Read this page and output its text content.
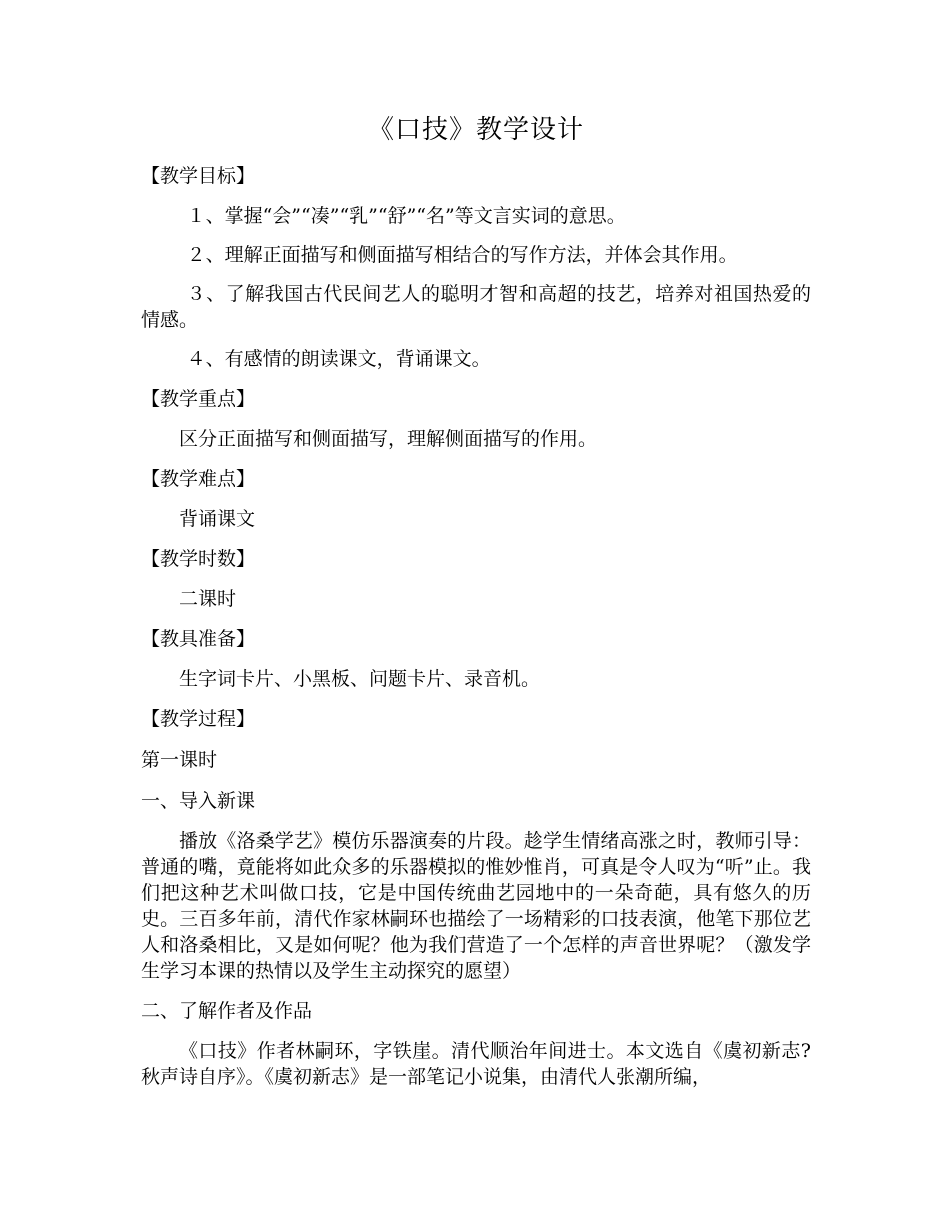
《口技》教学设计
【教学目标】
１、掌握“会”“凑”“乳”“舒”“名”等文言实词的意思。
２、理解正面描写和侧面描写相结合的写作方法，并体会其作用。
３、了解我国古代民间艺人的聪明才智和高超的技艺，培养对祖国热爱的情感。
４、有感情的朗读课文，背诵课文。
【教学重点】
区分正面描写和侧面描写，理解侧面描写的作用。
【教学难点】
背诵课文
【教学时数】
二课时
【教具准备】
生字词卡片、小黑板、问题卡片、录音机。
【教学过程】
第一课时
一、导入新课
播放《洛桑学艺》模仿乐器演奏的片段。趁学生情绪高涨之时，教师引导：普通的嘴，竟能将如此众多的乐器模拟的惟妙惟肖，可真是令人叹为“听”止。我们把这种艺术叫做口技，它是中国传统曲艺园地中的一朵奇葩，具有悠久的历史。三百多年前，清代作家林嗣环也描绘了一场精彩的口技表演，他笔下那位艺人和洛桑相比，又是如何呢？他为我们营造了一个怎样的声音世界呢？（激发学生学习本课的热情以及学生主动探究的愿望）
二、了解作者及作品
《口技》作者林嗣环，字铁崖。清代顺治年间进士。本文选自《虞初新志?秋声诗自序》。《虞初新志》是一部笔记小说集，由清代人张潮所编，
